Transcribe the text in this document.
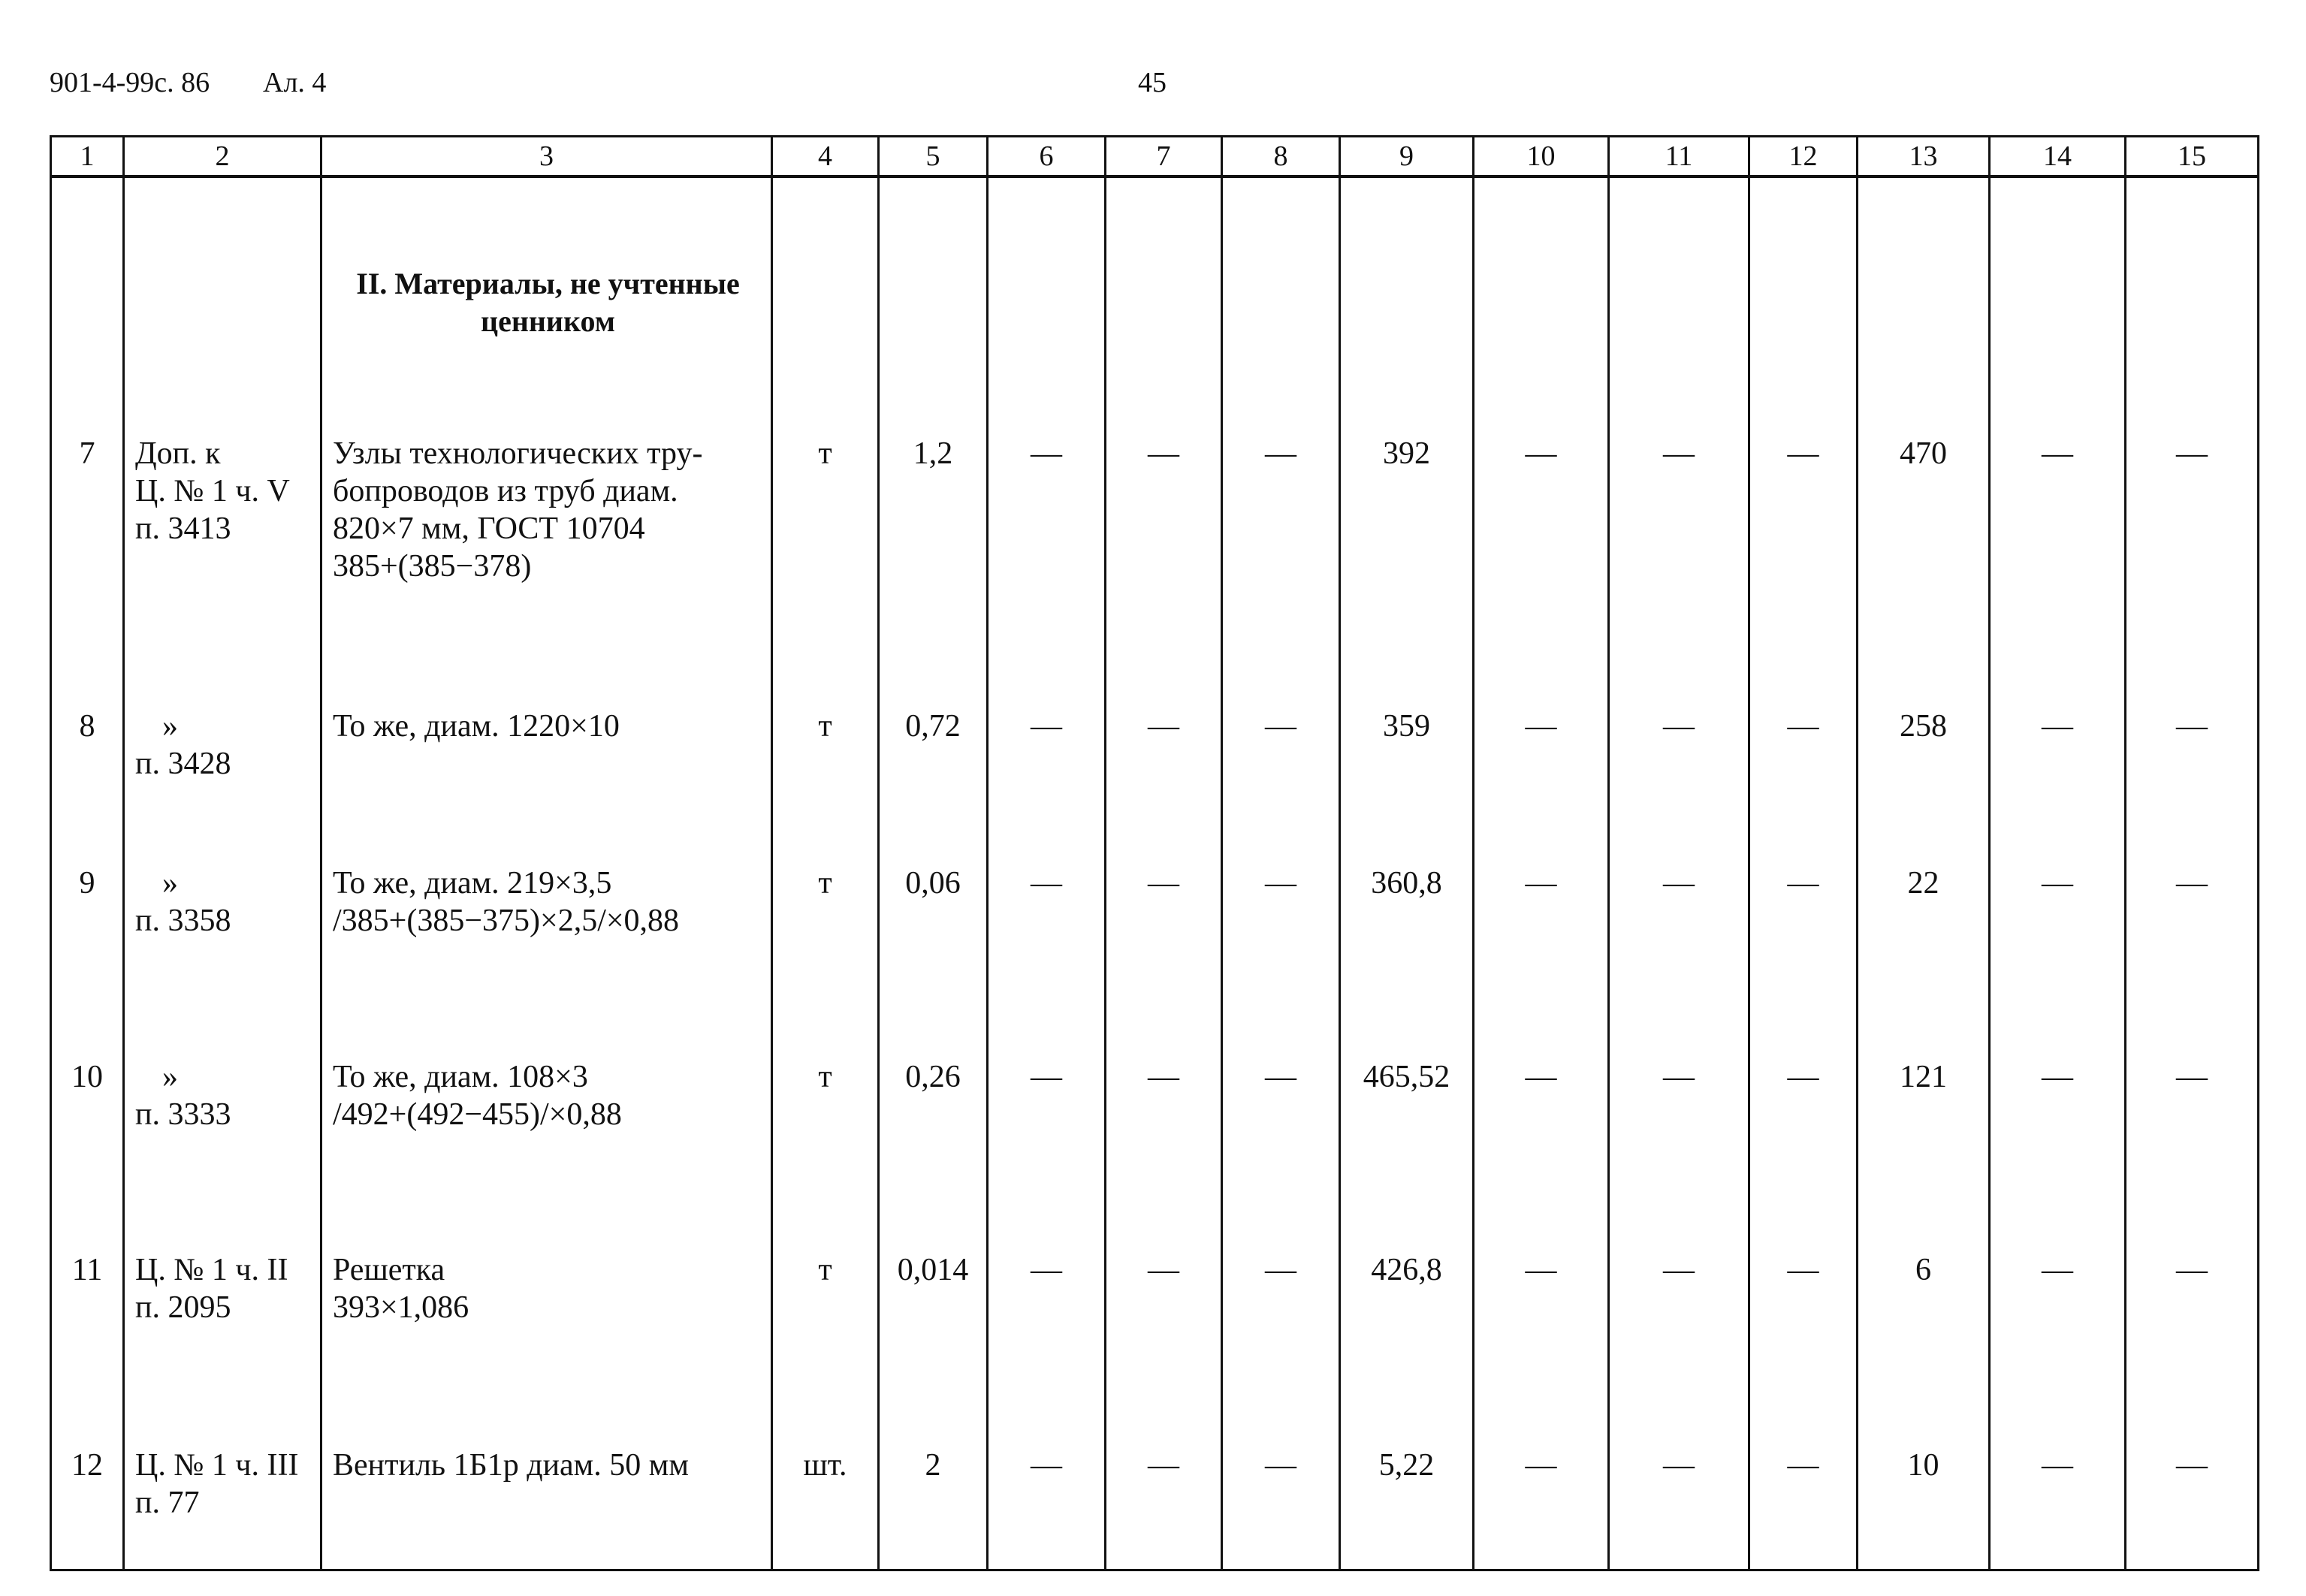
901-4-99с. 86 Ал. 4	45
1	2	3	4	5	6	7	8	9	10	11	12	13	14	15
		II. Материалы, не учтенные ценником												
7	Доп. к
Ц. № 1 ч. V
п. 3413	Узлы технологических тру-
бопроводов из труб диам.
820×7 мм, ГОСТ 10704
385+(385−378)	т	1,2	—	—	—	392	—	—	—	470	—	—
8	»
п. 3428	То же, диам. 1220×10	т	0,72	—	—	—	359	—	—	—	258	—	—
9	»
п. 3358	То же, диам. 219×3,5
/385+(385−375)×2,5/×0,88	т	0,06	—	—	—	360,8	—	—	—	22	—	—
10	»
п. 3333	То же, диам. 108×3
/492+(492−455)/×0,88	т	0,26	—	—	—	465,52	—	—	—	121	—	—
11	Ц. № 1 ч. II
п. 2095	Решетка
393×1,086	т	0,014	—	—	—	426,8	—	—	—	6	—	—
12	Ц. № 1 ч. III
п. 77	Вентиль 1Б1р диам. 50 мм	шт.	2	—	—	—	5,22	—	—	—	10	—	—
